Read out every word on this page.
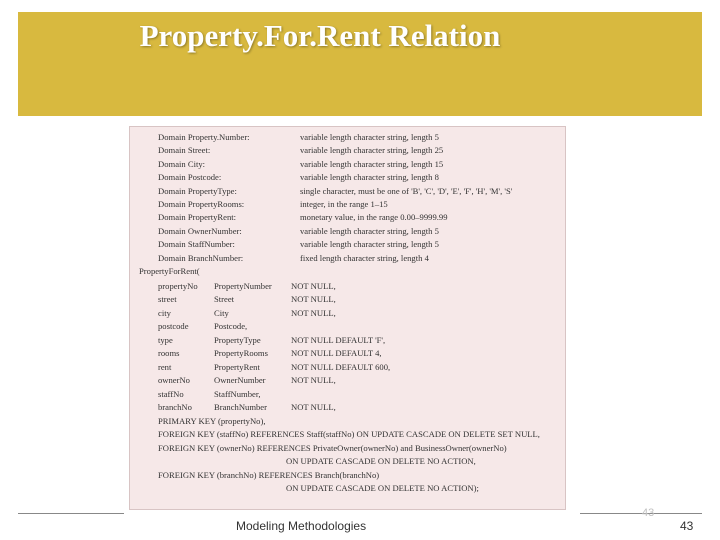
Property.For.Rent Relation
Domain Property.Number:	variable length character string, length 5
Domain Street:	variable length character string, length 25
Domain City:	variable length character string, length 15
Domain Postcode:	variable length character string, length 8
Domain PropertyType:	single character, must be one of 'B', 'C', 'D', 'E', 'F', 'H', 'M', 'S'
Domain PropertyRooms:	integer, in the range 1–15
Domain PropertyRent:	monetary value, in the range 0.00–9999.99
Domain OwnerNumber:	variable length character string, length 5
Domain StaffNumber:	variable length character string, length 5
Domain BranchNumber:	fixed length character string, length 4
PropertyForRent(
propertyNo PropertyNumber NOT NULL,
street	Street	NOT NULL,
city	City	NOT NULL,
postcode	Postcode,
type	PropertyType	NOT NULL DEFAULT 'F',
rooms	PropertyRooms	NOT NULL DEFAULT 4,
rent	PropertyRent	NOT NULL DEFAULT 600,
ownerNo	OwnerNumber	NOT NULL,
staffNo	StaffNumber,
branchNo	BranchNumber	NOT NULL,
PRIMARY KEY (propertyNo),
FOREIGN KEY (staffNo) REFERENCES Staff(staffNo) ON UPDATE CASCADE ON DELETE SET NULL,
FOREIGN KEY (ownerNo) REFERENCES PrivateOwner(ownerNo) and BusinessOwner(ownerNo)
ON UPDATE CASCADE ON DELETE NO ACTION,
FOREIGN KEY (branchNo) REFERENCES Branch(branchNo)
ON UPDATE CASCADE ON DELETE NO ACTION);
43
Modeling Methodologies	43
